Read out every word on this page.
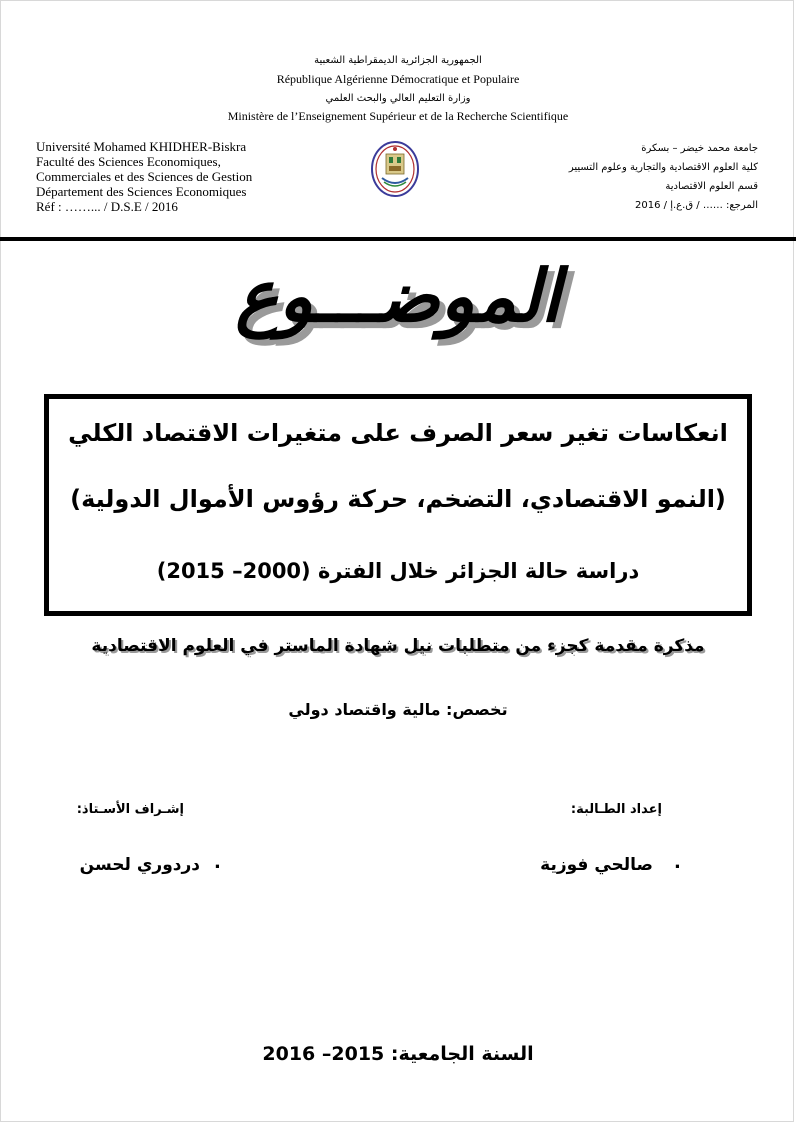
الجمهورية الجزائرية الديمقراطية الشعبية
République Algérienne Démocratique et Populaire
وزارة التعليم العالي والبحث العلمي
Ministère de l’Enseignement Supérieur et de la Recherche Scientifique
Université Mohamed KHIDHER-Biskra
Faculté des Sciences Economiques,
Commerciales et des Sciences de Gestion
Département des Sciences Economiques
Réf : ……... / D.S.E / 2016
جامعة محمد خيضر – بسكرة
كلية العلوم الاقتصادية والتجارية وعلوم التسيير
قسم العلوم الاقتصادية
المرجع: …… / ق.ع.إ / 2016
الموضـــوع
انعكاسات تغير سعر الصرف على متغيرات الاقتصاد الكلي
(النمو الاقتصادي، التضخم، حركة رؤوس الأموال الدولية)
دراسة حالة الجزائر خلال الفترة (2000– 2015)
مذكرة مقدمة كجزء من متطلبات نيل شهادة الماستر في العلوم الاقتصادية
تخصص: مالية واقتصاد دولي
إعداد الطـالبة:
إشـراف الأسـتاذ:
.
صالحي فوزية
.
دردوري لحسن
السنة الجامعية: 2015– 2016
